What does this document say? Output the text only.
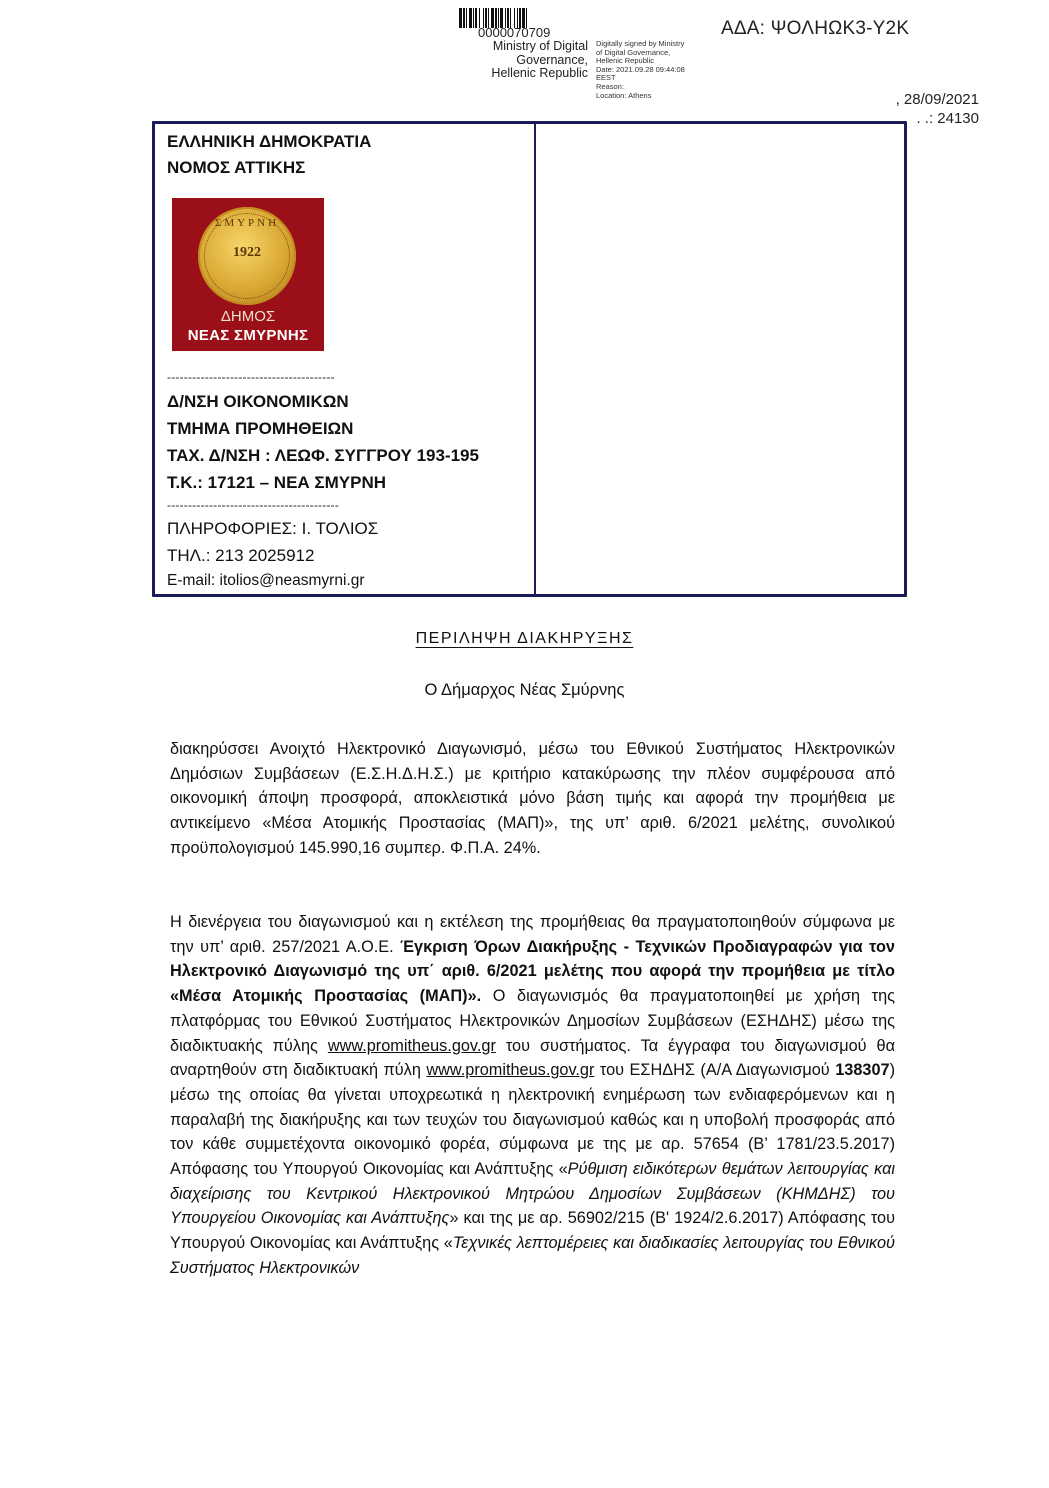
0000070709
Ministry of Digital
Governance,
Hellenic Republic
Digitally signed by Ministry
of Digital Governance,
Hellenic Republic
Date: 2021.09.28 09:44:08
EEST
Reason:
Location: Athens
ΑΔΑ: ΨΟΛΗΩΚ3-Υ2Κ
, 28/09/2021
. .: 24130
ΕΛΛΗΝΙΚΗ ΔΗΜΟΚΡΑΤΙΑ
ΝΟΜΟΣ ΑΤΤΙΚΗΣ
ΣΜΥΡΝΗ
1922
ΔΗΜΟΣ
ΝΕΑΣ ΣΜΥΡΝΗΣ
----------------------------------------
Δ/ΝΣΗ ΟΙΚΟΝΟΜΙΚΩΝ
ΤΜΗΜΑ ΠΡΟΜΗΘΕΙΩΝ
ΤΑΧ. Δ/ΝΣΗ : ΛΕΩΦ. ΣΥΓΓΡΟΥ 193-195
Τ.Κ.: 17121 – ΝΕΑ ΣΜΥΡΝΗ
-----------------------------------------
ΠΛΗΡΟΦΟΡΙΕΣ: Ι. ΤΟΛΙΟΣ
ΤΗΛ.: 213 2025912
E-mail: itolios@neasmyrni.gr
ΠΕΡΙΛΗΨΗ ΔΙΑΚΗΡΥΞΗΣ
Ο Δήμαρχος Νέας Σμύρνης
διακηρύσσει Ανοιχτό Ηλεκτρονικό Διαγωνισμό, μέσω του Εθνικού Συστήματος Ηλεκτρονικών Δημόσιων Συμβάσεων (Ε.Σ.Η.Δ.Η.Σ.) με κριτήριο κατακύρωσης την πλέον συμφέρουσα από οικονομική άποψη προσφορά, αποκλειστικά μόνο βάση τιμής και αφορά την προμήθεια με αντικείμενο «Μέσα Ατομικής Προστασίας (ΜΑΠ)», της υπ’ αριθ. 6/2021 μελέτης, συνολικού προϋπολογισμού 145.990,16 συμπερ. Φ.Π.Α. 24%.
Η διενέργεια του διαγωνισμού και η εκτέλεση της προμήθειας θα πραγματοποιηθούν σύμφωνα με την υπ’ αριθ. 257/2021 Α.Ο.Ε. Έγκριση Όρων Διακήρυξης - Τεχνικών Προδιαγραφών για τον Ηλεκτρονικό Διαγωνισμό της υπ΄ αριθ. 6/2021 μελέτης που αφορά την προμήθεια με τίτλο «Μέσα Ατομικής Προστασίας (ΜΑΠ)». Ο διαγωνισμός θα πραγματοποιηθεί με χρήση της πλατφόρμας του Εθνικού Συστήματος Ηλεκτρονικών Δημοσίων Συμβάσεων (ΕΣΗΔΗΣ) μέσω της διαδικτυακής πύλης www.promitheus.gov.gr του συστήματος. Τα έγγραφα του διαγωνισμού θα αναρτηθούν στη διαδικτυακή πύλη www.promitheus.gov.gr του ΕΣΗΔΗΣ (Α/Α Διαγωνισμού 138307) μέσω της οποίας θα γίνεται υποχρεωτικά η ηλεκτρονική ενημέρωση των ενδιαφερόμενων και η παραλαβή της διακήρυξης και των τευχών του διαγωνισμού καθώς και η υποβολή προσφοράς από τον κάθε συμμετέχοντα οικονομικό φορέα, σύμφωνα με της με αρ. 57654 (Β’ 1781/23.5.2017) Απόφασης του Υπουργού Οικονομίας και Ανάπτυξης «Ρύθμιση ειδικότερων θεμάτων λειτουργίας και διαχείρισης του Κεντρικού Ηλεκτρονικού Μητρώου Δημοσίων Συμβάσεων (ΚΗΜΔΗΣ) του Υπουργείου Οικονομίας και Ανάπτυξης» και της με αρ. 56902/215 (Β' 1924/2.6.2017) Απόφασης του Υπουργού Οικονομίας και Ανάπτυξης «Τεχνικές λεπτομέρειες και διαδικασίες λειτουργίας του Εθνικού Συστήματος Ηλεκτρονικών
